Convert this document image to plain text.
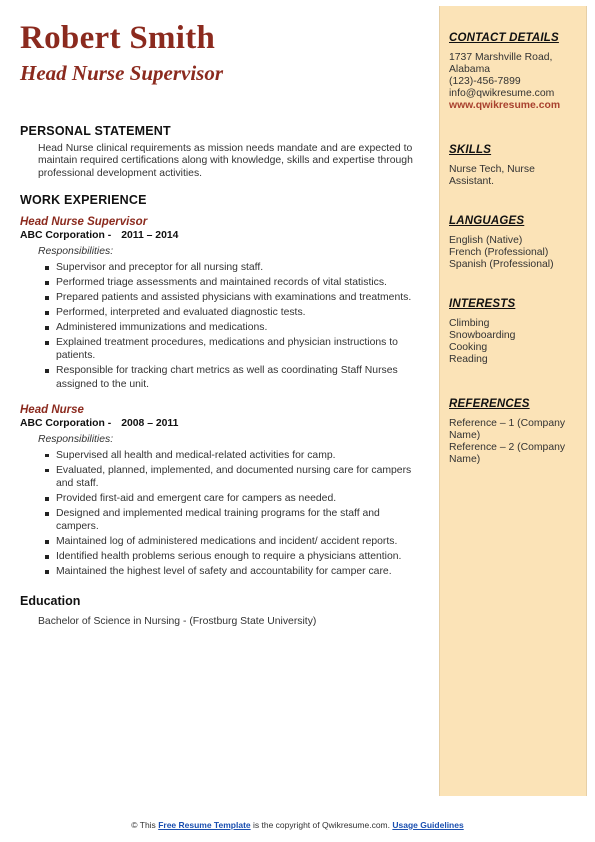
Robert Smith
Head Nurse Supervisor
PERSONAL STATEMENT
Head Nurse clinical requirements as mission needs mandate and are expected to maintain required certifications along with knowledge, skills and expertise through professional development activities.
WORK EXPERIENCE
Head Nurse Supervisor
ABC Corporation - 2011 – 2014
Responsibilities:
Supervisor and preceptor for all nursing staff.
Performed triage assessments and maintained records of vital statistics.
Prepared patients and assisted physicians with examinations and treatments.
Performed, interpreted and evaluated diagnostic tests.
Administered immunizations and medications.
Explained treatment procedures, medications and physician instructions to patients.
Responsible for tracking chart metrics as well as coordinating Staff Nurses assigned to the unit.
Head Nurse
ABC Corporation - 2008 – 2011
Responsibilities:
Supervised all health and medical-related activities for camp.
Evaluated, planned, implemented, and documented nursing care for campers and staff.
Provided first-aid and emergent care for campers as needed.
Designed and implemented medical training programs for the staff and campers.
Maintained log of administered medications and incident/ accident reports.
Identified health problems serious enough to require a physicians attention.
Maintained the highest level of safety and accountability for camper care.
Education
Bachelor of Science in Nursing - (Frostburg State University)
CONTACT DETAILS
1737 Marshville Road,
Alabama
(123)-456-7899
info@qwikresume.com
www.qwikresume.com
SKILLS
Nurse Tech, Nurse Assistant.
LANGUAGES
English (Native)
French (Professional)
Spanish (Professional)
INTERESTS
Climbing
Snowboarding
Cooking
Reading
REFERENCES
Reference – 1 (Company Name)
Reference – 2 (Company Name)
© This Free Resume Template is the copyright of Qwikresume.com. Usage Guidelines
